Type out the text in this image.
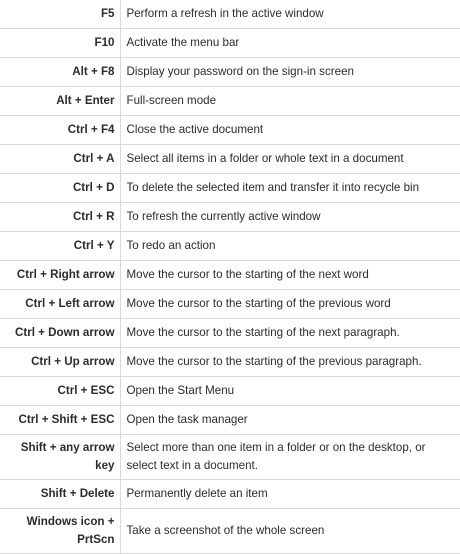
F5	Perform a refresh in the active window
F10	Activate the menu bar
Alt + F8	Display your password on the sign-in screen
Alt + Enter	Full-screen mode
Ctrl + F4	Close the active document
Ctrl + A	Select all items in a folder or whole text in a document
Ctrl + D	To delete the selected item and transfer it into recycle bin
Ctrl + R	To refresh the currently active window
Ctrl + Y	To redo an action
Ctrl + Right arrow	Move the cursor to the starting of the next word
Ctrl + Left arrow	Move the cursor to the starting of the previous word
Ctrl + Down arrow	Move the cursor to the starting of the next paragraph.
Ctrl + Up arrow	Move the cursor to the starting of the previous paragraph.
Ctrl + ESC	Open the Start Menu
Ctrl + Shift + ESC	Open the task manager
Shift + any arrow key	Select more than one item in a folder or on the desktop, or select text in a document.
Shift + Delete	Permanently delete an item
Windows icon + PrtScn	Take a screenshot of the whole screen
